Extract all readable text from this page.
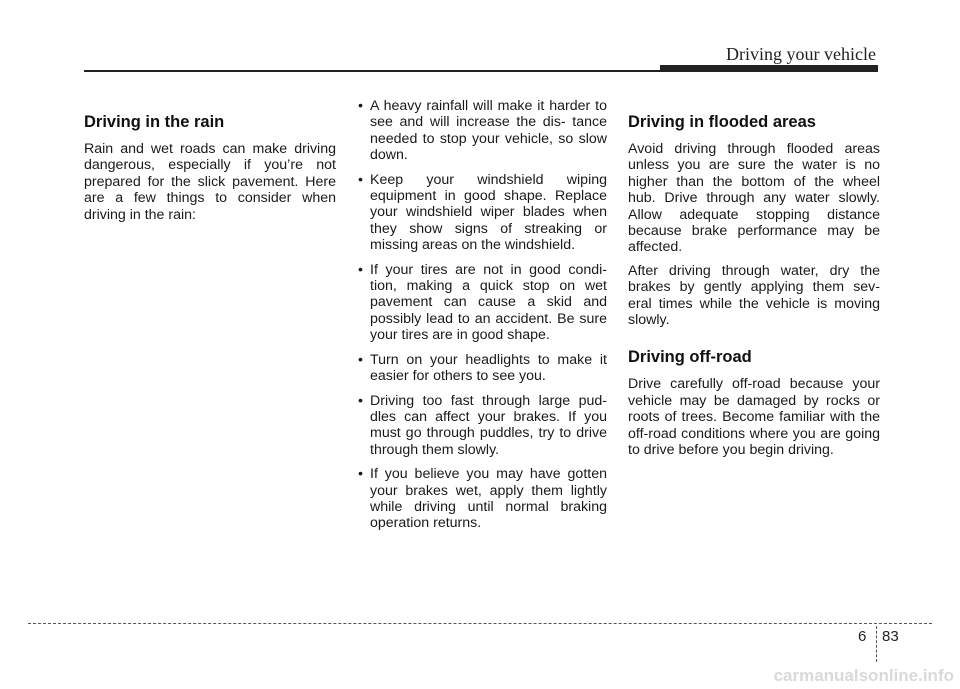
Driving your vehicle
Driving in the rain

Rain and wet roads can make driving dangerous, especially if you’re not prepared for the slick pavement. Here are a few things to consider when driving in the rain:

• A heavy rainfall will make it harder to see and will increase the dis- tance needed to stop your vehicle, so slow down.
• Keep your windshield wiping equipment in good shape. Replace your windshield wiper blades when they show signs of streaking or missing areas on the windshield.
• If your tires are not in good condi- tion, making a quick stop on wet pavement can cause a skid and possibly lead to an accident. Be sure your tires are in good shape.
• Turn on your headlights to make it easier for others to see you.
• Driving too fast through large pud- dles can affect your brakes. If you must go through puddles, try to drive through them slowly.
• If you believe you may have gotten your brakes wet, apply them lightly while driving until normal braking operation returns.
Driving in flooded areas

Avoid driving through flooded areas unless you are sure the water is no higher than the bottom of the wheel hub. Drive through any water slowly. Allow adequate stopping distance because brake performance may be affected.

After driving through water, dry the brakes by gently applying them sev- eral times while the vehicle is moving slowly.

Driving off-road

Drive carefully off-road because your vehicle may be damaged by rocks or roots of trees. Become familiar with the off-road conditions where you are going to drive before you begin driving.

6 83
carmanualsonline.info
